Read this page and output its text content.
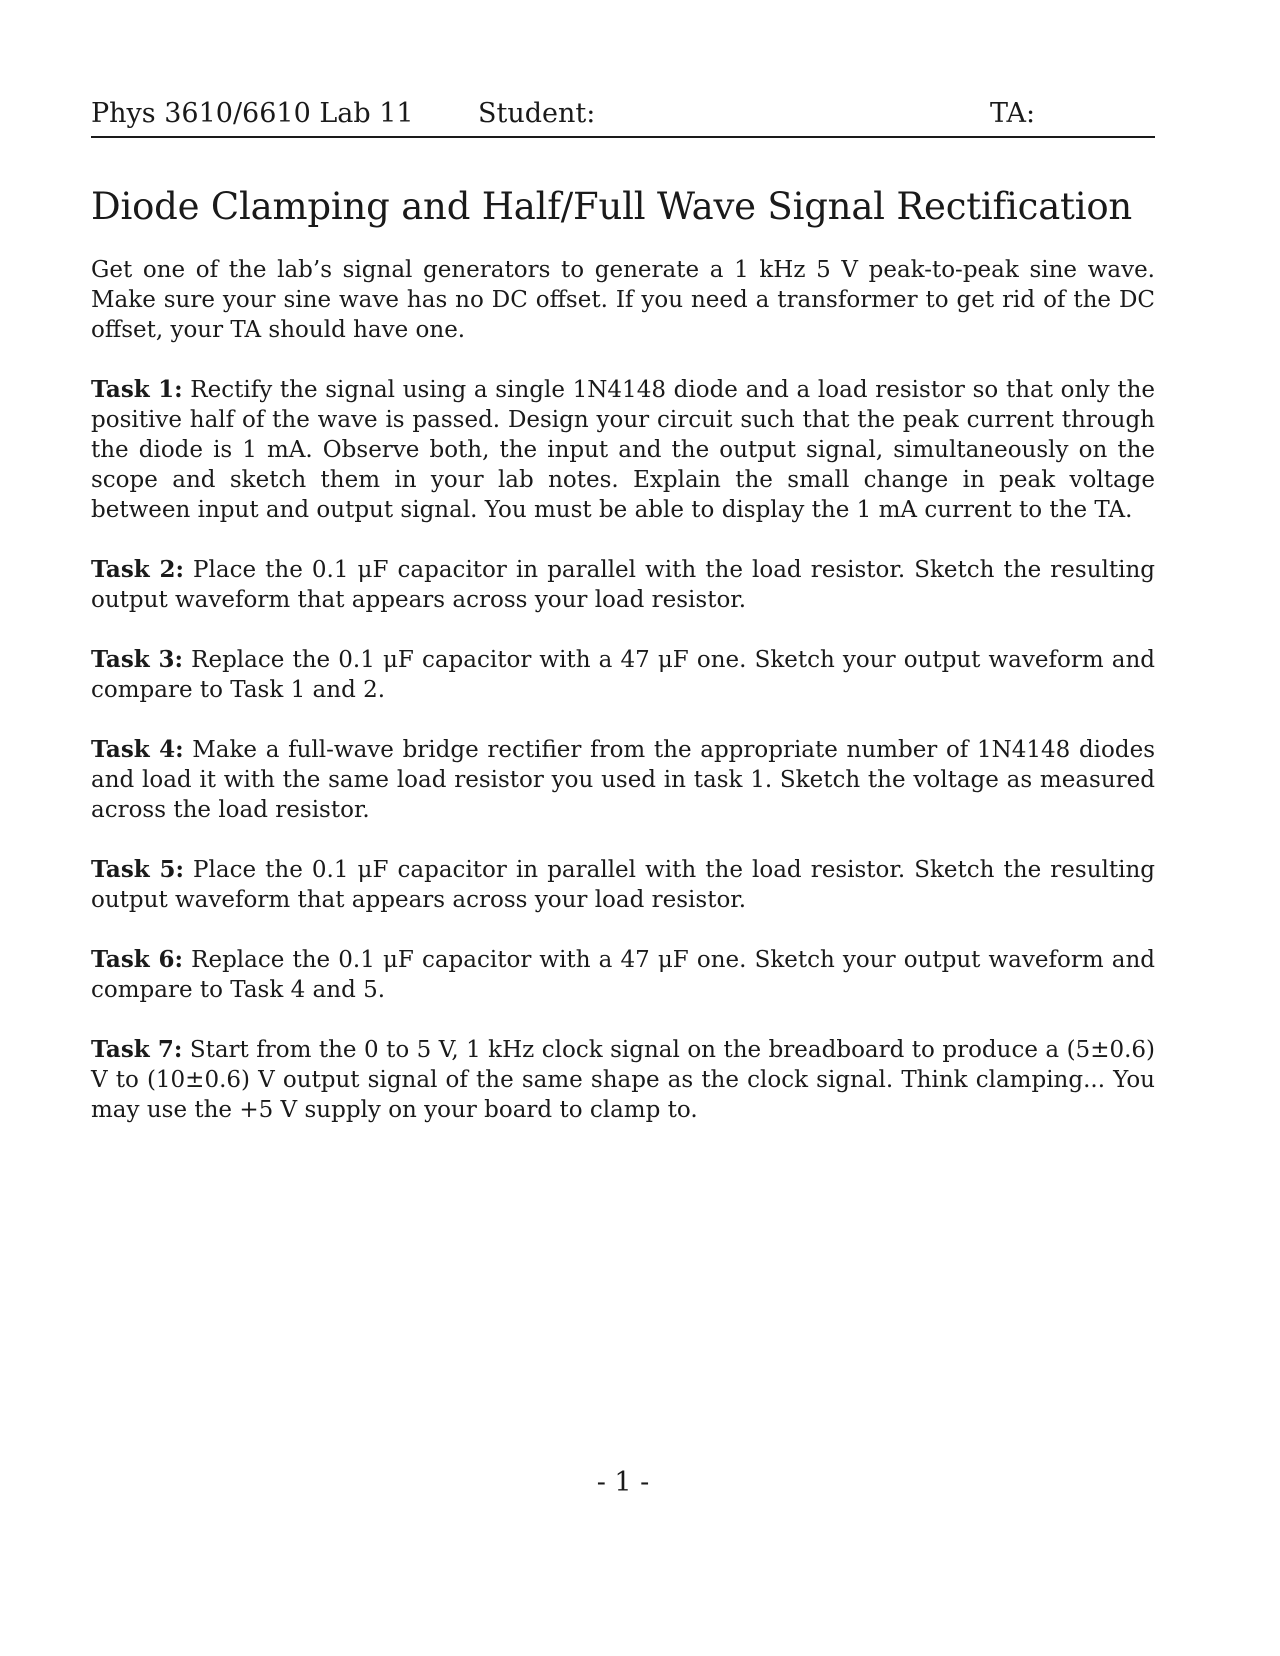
Phys 3610/6610 Lab 11 Student:	TA:
Diode Clamping and Half/Full Wave Signal Rectification

Get one of the lab’s signal generators to generate a 1 kHz 5 V peak-to-peak sine wave. Make sure your sine wave has no DC offset. If you need a transformer to get rid of the DC offset, your TA should have one.

Task 1: Rectify the signal using a single 1N4148 diode and a load resistor so that only the positive half of the wave is passed. Design your circuit such that the peak current through the diode is 1 mA. Observe both, the input and the output signal, simultaneously on the scope and sketch them in your lab notes. Explain the small change in peak voltage between input and output signal. You must be able to display the 1 mA current to the TA.

Task 2: Place the 0.1 μF capacitor in parallel with the load resistor. Sketch the resulting output waveform that appears across your load resistor.

Task 3: Replace the 0.1 μF capacitor with a 47 μF one. Sketch your output waveform and compare to Task 1 and 2.

Task 4: Make a full-wave bridge rectifier from the appropriate number of 1N4148 diodes and load it with the same load resistor you used in task 1. Sketch the voltage as measured across the load resistor.

Task 5: Place the 0.1 μF capacitor in parallel with the load resistor. Sketch the resulting output waveform that appears across your load resistor.

Task 6: Replace the 0.1 μF capacitor with a 47 μF one. Sketch your output waveform and compare to Task 4 and 5.

Task 7: Start from the 0 to 5 V, 1 kHz clock signal on the breadboard to produce a (5±0.6) V to (10±0.6) V output signal of the same shape as the clock signal. Think clamping... You may use the +5 V supply on your board to clamp to.

- 1 -
